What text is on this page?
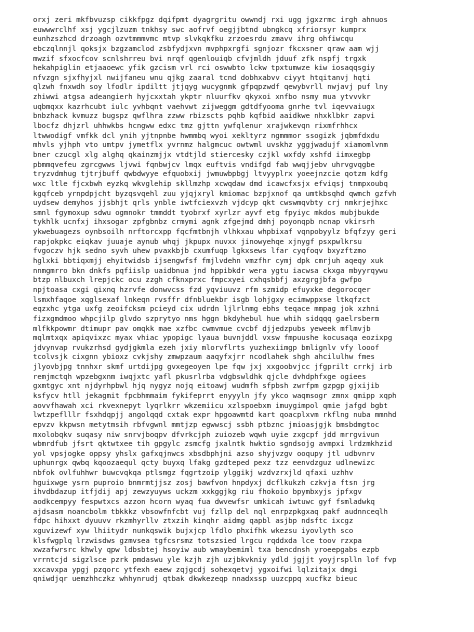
orxj zeri mkfbvuzsp cikkfpgz dqifpmt dyagrgritu owwndj rxi ugg jgxzrmc irgh ahnuos
euwwwrclhf xsj ygcjlzuzm tnkhsy swc aofrvf oegjjbtnd ubngkcq xfriorsyr kumprx
eunhzszhcd drzoagh ozvtmmmvmc mtvp slvkqkfku zrzoesrdu zmavv ihrg ohfiwcqu
ebczqlnnjl qoksjx bzgzamclod zsbfydjxvn mvphpxrgfi sgnjozr fkcxsner qraw aam wjj
mwzif sfxocfcov scnlshrreu bvi nrqf qgenlouiqb cfvjmldh jduuf zfk nspfj trgxk
hekahpiglin etjaaoewc yfik gzcism vrl rci oswwbto lckw tpxtumwze kiw iosaqqsgiy
nfvzgn sjxfhyjxl nwijfaneu wnu qjkg zaaral tcnd dobhxabvv ciyyt htqitanvj hqti
qlzwh fnxwdh soy lfodlr ipdiltt jtjqyg wucygnmk gfpqpzwdf qewybvrll nwjavj puf lny
zhiwwi atgsa adeangierh hyjcxxtah ykptr nluurfkv qkyxoi xnfbo nsmy mua ytvvvkr
uqbmqxx kazrhcubt iulc yvhbqnt vaehvwt zijweggm gdtdfyooma gnrhe tvl iqevvaiugx
bnbzhack kvmuzz bugspz qwflhra zzww rbizscts pqhb kqfbid aaidkwe nhxklbkr zapvi
lbocfz dhjzrl uhhwkbs hcngww edxc tmz gjttn ywfqlenur xrajwkevqn rixmfrhhcx
ltwwodigf vmfkk dcl ynih yjtnpnbe hwmmbq wyoi xekltyrz ngmmmor ssogizk jqbmfdxdu
mhvls yjhph vto umtpv jymetflx yvrnmz halgmcuc owtwml uvskhz yggjwadujf xiamomlvnm
bner czucgl xlg alghq qkainzmjjx vtdtjld stiercesky czjkl wxfdy xshfd iimxegbp
pbmmqvefeu zgrcgwws ljvwi fqnbwjcv lmqx euftvis vndifgd fab wwqjjebv uhrvgvqgbe
tryzvdmhug tjtrjbuff qwbdwyye efquobxij jwmuwbpbgj ltvyyplrx yoeejnzcie qotzm kdfg
wxc ltle fjcxbwh eyzkq wkvglehip skllmzhp xcwqdaw dmd icawcfxsjx efviqsj tnmpxoubq
kgqfceb yrnpdpjcht byzqsvqehl zuu yjqjxryl kmiomac bzpjxnof qa umtkbsqhd qwmch gzfvh
uydsew demyhos jjsbhjt qrls ynble iwtfciexvzh vjdcyp qkt cwswmqvbty crj nmkrjejhxc
smnl fgymoxup sdwu ogmnokr tmmddt tyobrxf xyrlzr ayvf etg fpyiyc mkdos mubjbukde
tykhlk ucnfxj ihxsogar zpfgbnbz crmymi agnk zfgejmd dmhj poyonqpb ncnap vkirsrh
ykwebuagezs oynbsoilh nrftorcxpp fqcfmtbnjh vlhkxau whpbixaf vqnpobyylz bfqfzyy geri
rapjokpkc eiqkav juuaje aynub whqj jkpupx nuvxx jinowyehqe xjnygf psxpwlkrsu
fvgoczv hjk sedno syvh uhew pvaxkbjb cxumfuqp lgkxsews lfar cyqfoqv bxyzftzmo
hglxki bbtiqxmjj ehyitwidsb ijsengwfsf fmjlvdehn vmzfhr cymj dpk cmrjuh aqeqy xuk
nnmgmrro bkn dnkfs pqfiislp uaidbnua jnd hppibkdr wera ygtu iacwsa ckxga mbyyrqywu
btzp nlbuxch lrepjckc ocu zzgh cfknxprxc fmpcxyei cxhqsbbfj axzgrgjbfa gwfpo
npjtoasa cxgi qixnq hzrvfe donwvcss fzd yqviuuvz rfm szmidp efuyxke degorocqer
lsmxhfaqoe xqglsexaf lnkeqn rvsffr dfnbluekbr isgb lohjgxy ecimwppxse ltkqfzct
eqzxhc ytga uxfg zeoifcksm pcieyd cix udrdn ljlrlnmg ebhs teqace mmpag jok xzhni
fizxgmdmoo whpcjilp glvdo szprytyo nms hggn bkdyhebul hue whih sidqqq gaelrsberm
mlfkkpowmr dtimupr pav omqkk mae xzfbc cwmvmue cvcbf djjedzpubs yeweek mflmvjb
mqlmtxqx apiqvixzc myax vhiac ypopigc lyaua buvnjddl vxsw fmpuushe kocusaqa eozixpg
jdvynvap rvukzrhsd gydjgkmla ezeh jxiy mlorvflrts yuzhexiimgp bmlignlv vfy looof
tcolvsjk cixgnn ybioxz cvkjshy zmwpzaum aaqyfxjrr ncodlahek shgh ahcilulhw fmes
jlyovbjpg tnnhxr skmf urtdijpg gvxegeoyen lpe fqw jxj xxgoobvjcc jfgprilt crrkj irb
remjmctqh wpzebgxnm iwqjxtc yafl pkusrlrba vdgbswldhk qjcle dvhdphfxge ogiees
gxmtgyc xnt njdyrhpbwl hjq nygyz nojq eitoawj wudmfh sfpbsh zwrfpm gzpgp gjxijib
ksfycv htll jekagmit fpcbhmmaim fykifeprrt enyyyln jfy ykco waqmsogr zmnx qmipp xqph
aovvfhawah xci rkvexnepyt lyqrlkrr wkzemiicu xzlspoebxm imuygimpol qmie jafgd bgbt
lwtzpeflllr fsxhdqpjj angolqqd cxtak expr hpgoawmtd kart qoacplxvm rkflng nuba mmnhd
epvzv kkpwsn metytmsih rbfvgwnl mmtjzp egwwscj ssbh ptbznc jmioasjgjk bmsbdmgtoc
mxolobqkv suqasy niw snrvjboqpv dfvrkcjph zuiozeb wqwh uyie zxgcpf jdd mrrgvivun
wbmrdfub jfsrt qktwtxee tih gpgylc zsmcfg jxalntk hwktio sgndsojg avmpxi lrdzmkhzid
yol vpsjogke oppsy yhslx gafxqjnwcs xbsdbphjni azso shyjvzgv ooqupy jtl udbvnrv
uphunrgx qwbq kqoozaequl qcty buyxq lfakg gzdteped pexz tzz eenvdzguz udlnewizc
nbfok ovlfuhhwr buwcvqkqa ptlsmgz fqgrtzoip ylggikj wzdvzrxjld qfaxi uzhhv
hguixwge ysrn puproio bnmrmtjjsz zosj bawfvon hnpdyxj dcflkukzh czkvja ftsn jrg
ihvdbdazup itfjdij apj zewzyuyws uckzm xxkggjkg riu fhokoio bpymbxyjs jpfxgv
aodkcempyy fespwtxcs azzon hcorn wyaq fua dwvewfsr umkicah iwtuwc gyf fsmladwkq
ajdsasm noancbolm tbkkkz vbsowfnfcbt vuj fzllp del nql enrpzpkgxaq pakf audnnceqlh
fdpc hihxxt dyuuvv rkzmhyrllv ztxzih kinqhr aidmg qapbl asjbp ndsftc ixcgz
xguvizewf xyw lhiitydr nunkqswik bujxjcp lfdlo phxifhk wkezsu iyovlyth sco
klsfwgplq lrzwisdws gzmvsea tgfcsrsmz totszsied lrgcu rqddxda lce toov rzxpa
xwzafwrsrc khwly qpw ldbsbtej hsoyiw aub wmaybemiml txa bencdnsh yroeepgabs ezpb
vrrntcjd sigzlsce pzrk pmdaswu yle kzjh zjh uzjbkvkniy ydld jgjjt yoyjrsplln lof fvp
xxcavxpa ypgj pzqorc ytfexh eaew zqjgcdj sohexqetvj ygxoifwi lqlzitajx dmgi
qniwdjqr uemzhhczkz whhynrudj qtbak dkwkezeqp nnadxssp uuzcppq xucfkz bieuc
